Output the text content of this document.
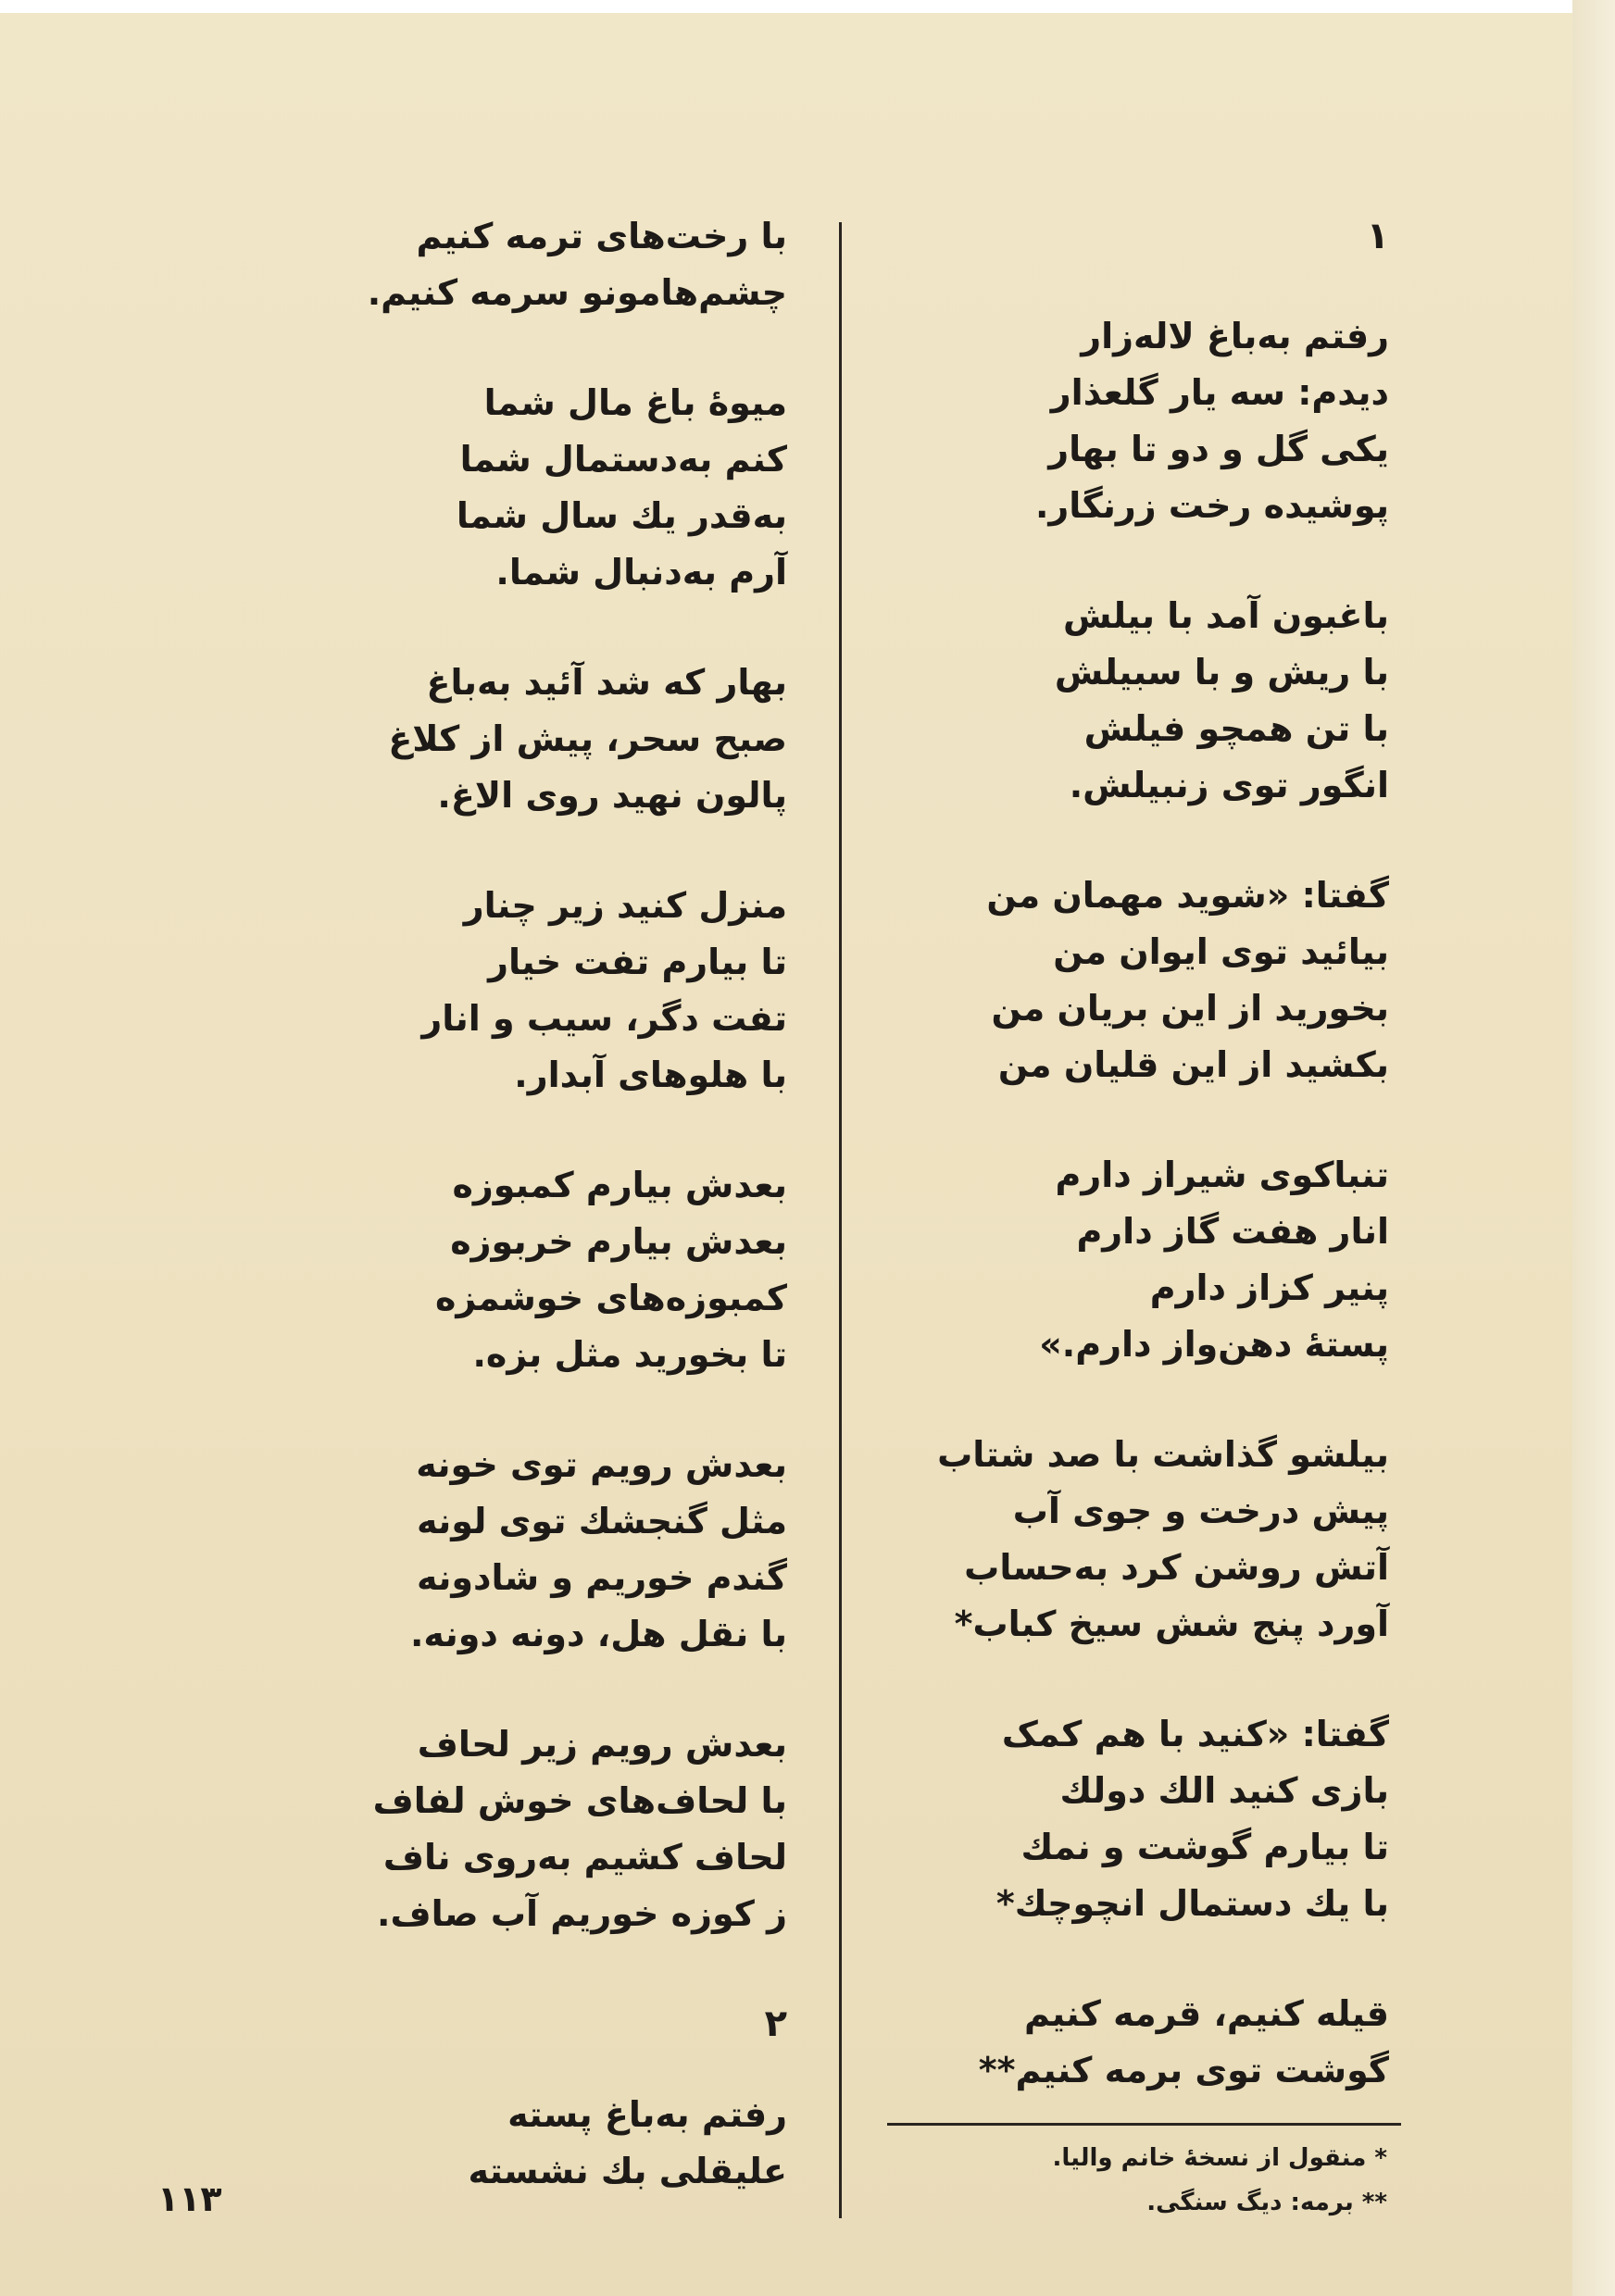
۱
رفتم به‌باغ لاله‌زار
دیدم: سه یار گلعذار
یکی گل و دو تا بهار
پوشیده رخت زرنگار.
باغبون آمد با بیلش
با ریش و با سبیلش
با تن همچو فیلش
انگور توی زنبیلش.
گفتا: «شوید مهمان من
بیائید توی ایوان من
بخورید از این بریان من
بکشید از این قلیان من
تنباکوی شیراز دارم
انار هفت گاز دارم
پنیر کزاز دارم
پستهٔ دهن‌واز دارم.»
بیلشو گذاشت با صد شتاب
پیش درخت و جوی آب
آتش روشن کرد به‌حساب
آورد پنج شش سیخ کباب*
گفتا: «کنید با هم کمک
بازی کنید الك دولك
تا بیارم گوشت و نمك
با یك دستمال انچوچك*
قیله کنیم، قرمه کنیم
گوشت توی برمه کنیم**
با رخت‌های ترمه کنیم
چشم‌هامونو سرمه کنیم.
میوهٔ باغ مال شما
کنم به‌دستمال شما
به‌قدر یك سال شما
آرم به‌دنبال شما.
بهار که شد آئید به‌باغ
صبح سحر، پیش از کلاغ
پالون نهید روی الاغ.
منزل کنید زیر چنار
تا بیارم تفت خیار
تفت دگر، سیب و انار
با هلوهای آبدار.
بعدش بیارم کمبوزه
بعدش بیارم خربوزه
کمبوزه‌های خوشمزه
تا بخورید مثل بزه.
بعدش رویم توی خونه
مثل گنجشك توی لونه
گندم خوریم و شادونه
با نقل هل، دونه دونه.
بعدش رویم زیر لحاف
با لحاف‌های خوش لفاف
لحاف کشیم به‌روی ناف
ز کوزه خوریم آب صاف.
۲
رفتم به‌باغ پسته
علیقلی بك نشسته	* منقول از نسخهٔ خانم والیا.
** برمه: دیگ سنگی.
۱۱۳
